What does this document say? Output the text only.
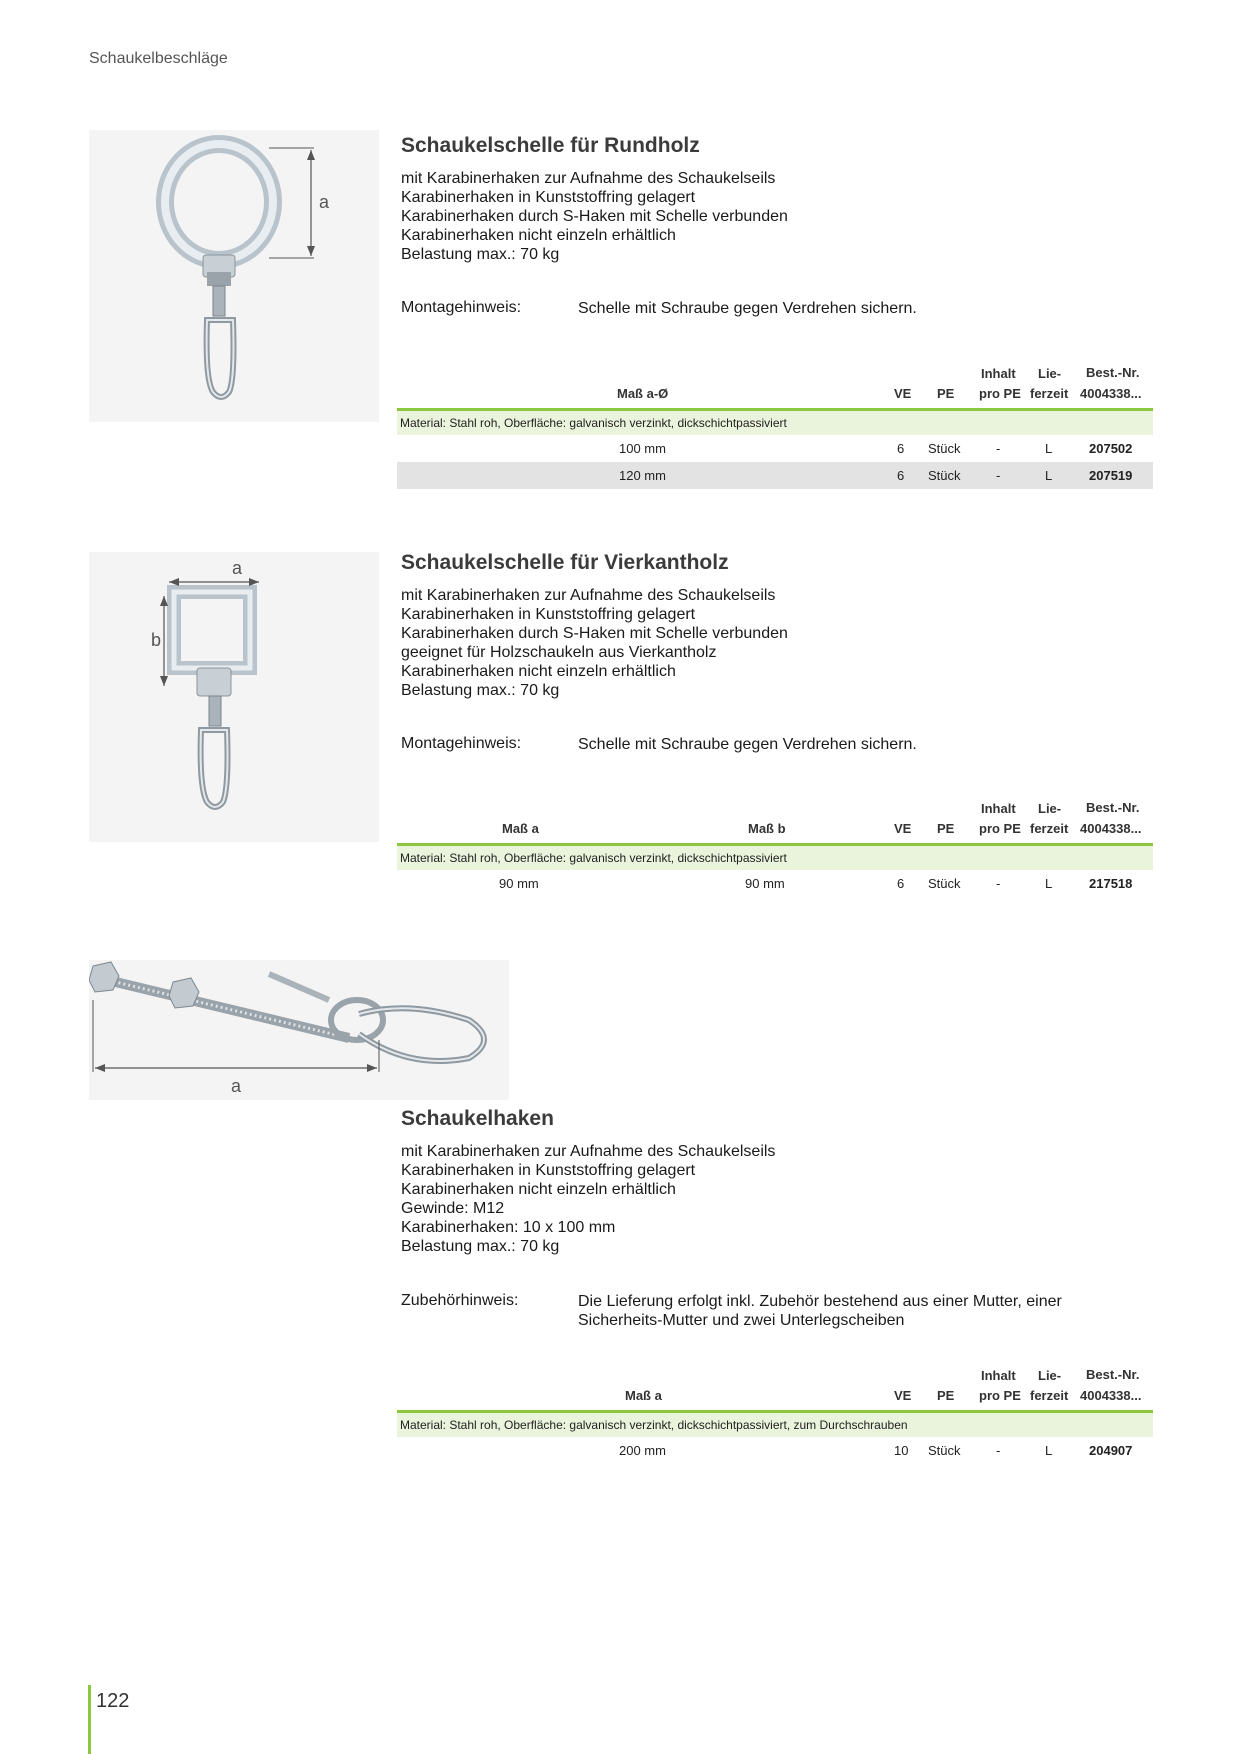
Schaukelbeschläge
a
Schaukelschelle für Rundholz
mit Karabinerhaken zur Aufnahme des Schaukelseils
Karabinerhaken in Kunststoffring gelagert
Karabinerhaken durch S-Haken mit Schelle verbunden
Karabinerhaken nicht einzeln erhältlich
Belastung max.: 70 kg
Montagehinweis:	Schelle mit Schraube gegen Verdrehen sichern.
Maß a-Ø	VE PE
Inhalt
pro PE
Lie-
ferzeit
Best.-Nr.
4004338...
Material: Stahl roh, Oberfläche: galvanisch verzinkt, dickschichtpassiviert
100 mm	6 Stück	-	L	207502
120 mm	6 Stück	-	L	207519
a
b
Schaukelschelle für Vierkantholz
mit Karabinerhaken zur Aufnahme des Schaukelseils
Karabinerhaken in Kunststoffring gelagert
Karabinerhaken durch S-Haken mit Schelle verbunden
geeignet für Holzschaukeln aus Vierkantholz
Karabinerhaken nicht einzeln erhältlich
Belastung max.: 70 kg
Montagehinweis:	Schelle mit Schraube gegen Verdrehen sichern.
Maß a	Maß b	VE PE
Inhalt
pro PE
Lie-
ferzeit
Best.-Nr.
4004338...
Material: Stahl roh, Oberfläche: galvanisch verzinkt, dickschichtpassiviert
90 mm	90 mm	6 Stück	-	L	217518
a
Schaukelhaken
mit Karabinerhaken zur Aufnahme des Schaukelseils
Karabinerhaken in Kunststoffring gelagert
Karabinerhaken nicht einzeln erhältlich
Gewinde: M12
Karabinerhaken: 10 x 100 mm
Belastung max.: 70 kg
Zubehörhinweis:	Die Lieferung erfolgt inkl. Zubehör bestehend aus einer Mutter, einer Sicherheits-Mutter und zwei Unterlegscheiben
Maß a	VE PE
Inhalt
pro PE
Lie-
ferzeit
Best.-Nr.
4004338...
Material: Stahl roh, Oberfläche: galvanisch verzinkt, dickschichtpassiviert, zum Durchschrauben
200 mm	10 Stück	-	L	204907
122
